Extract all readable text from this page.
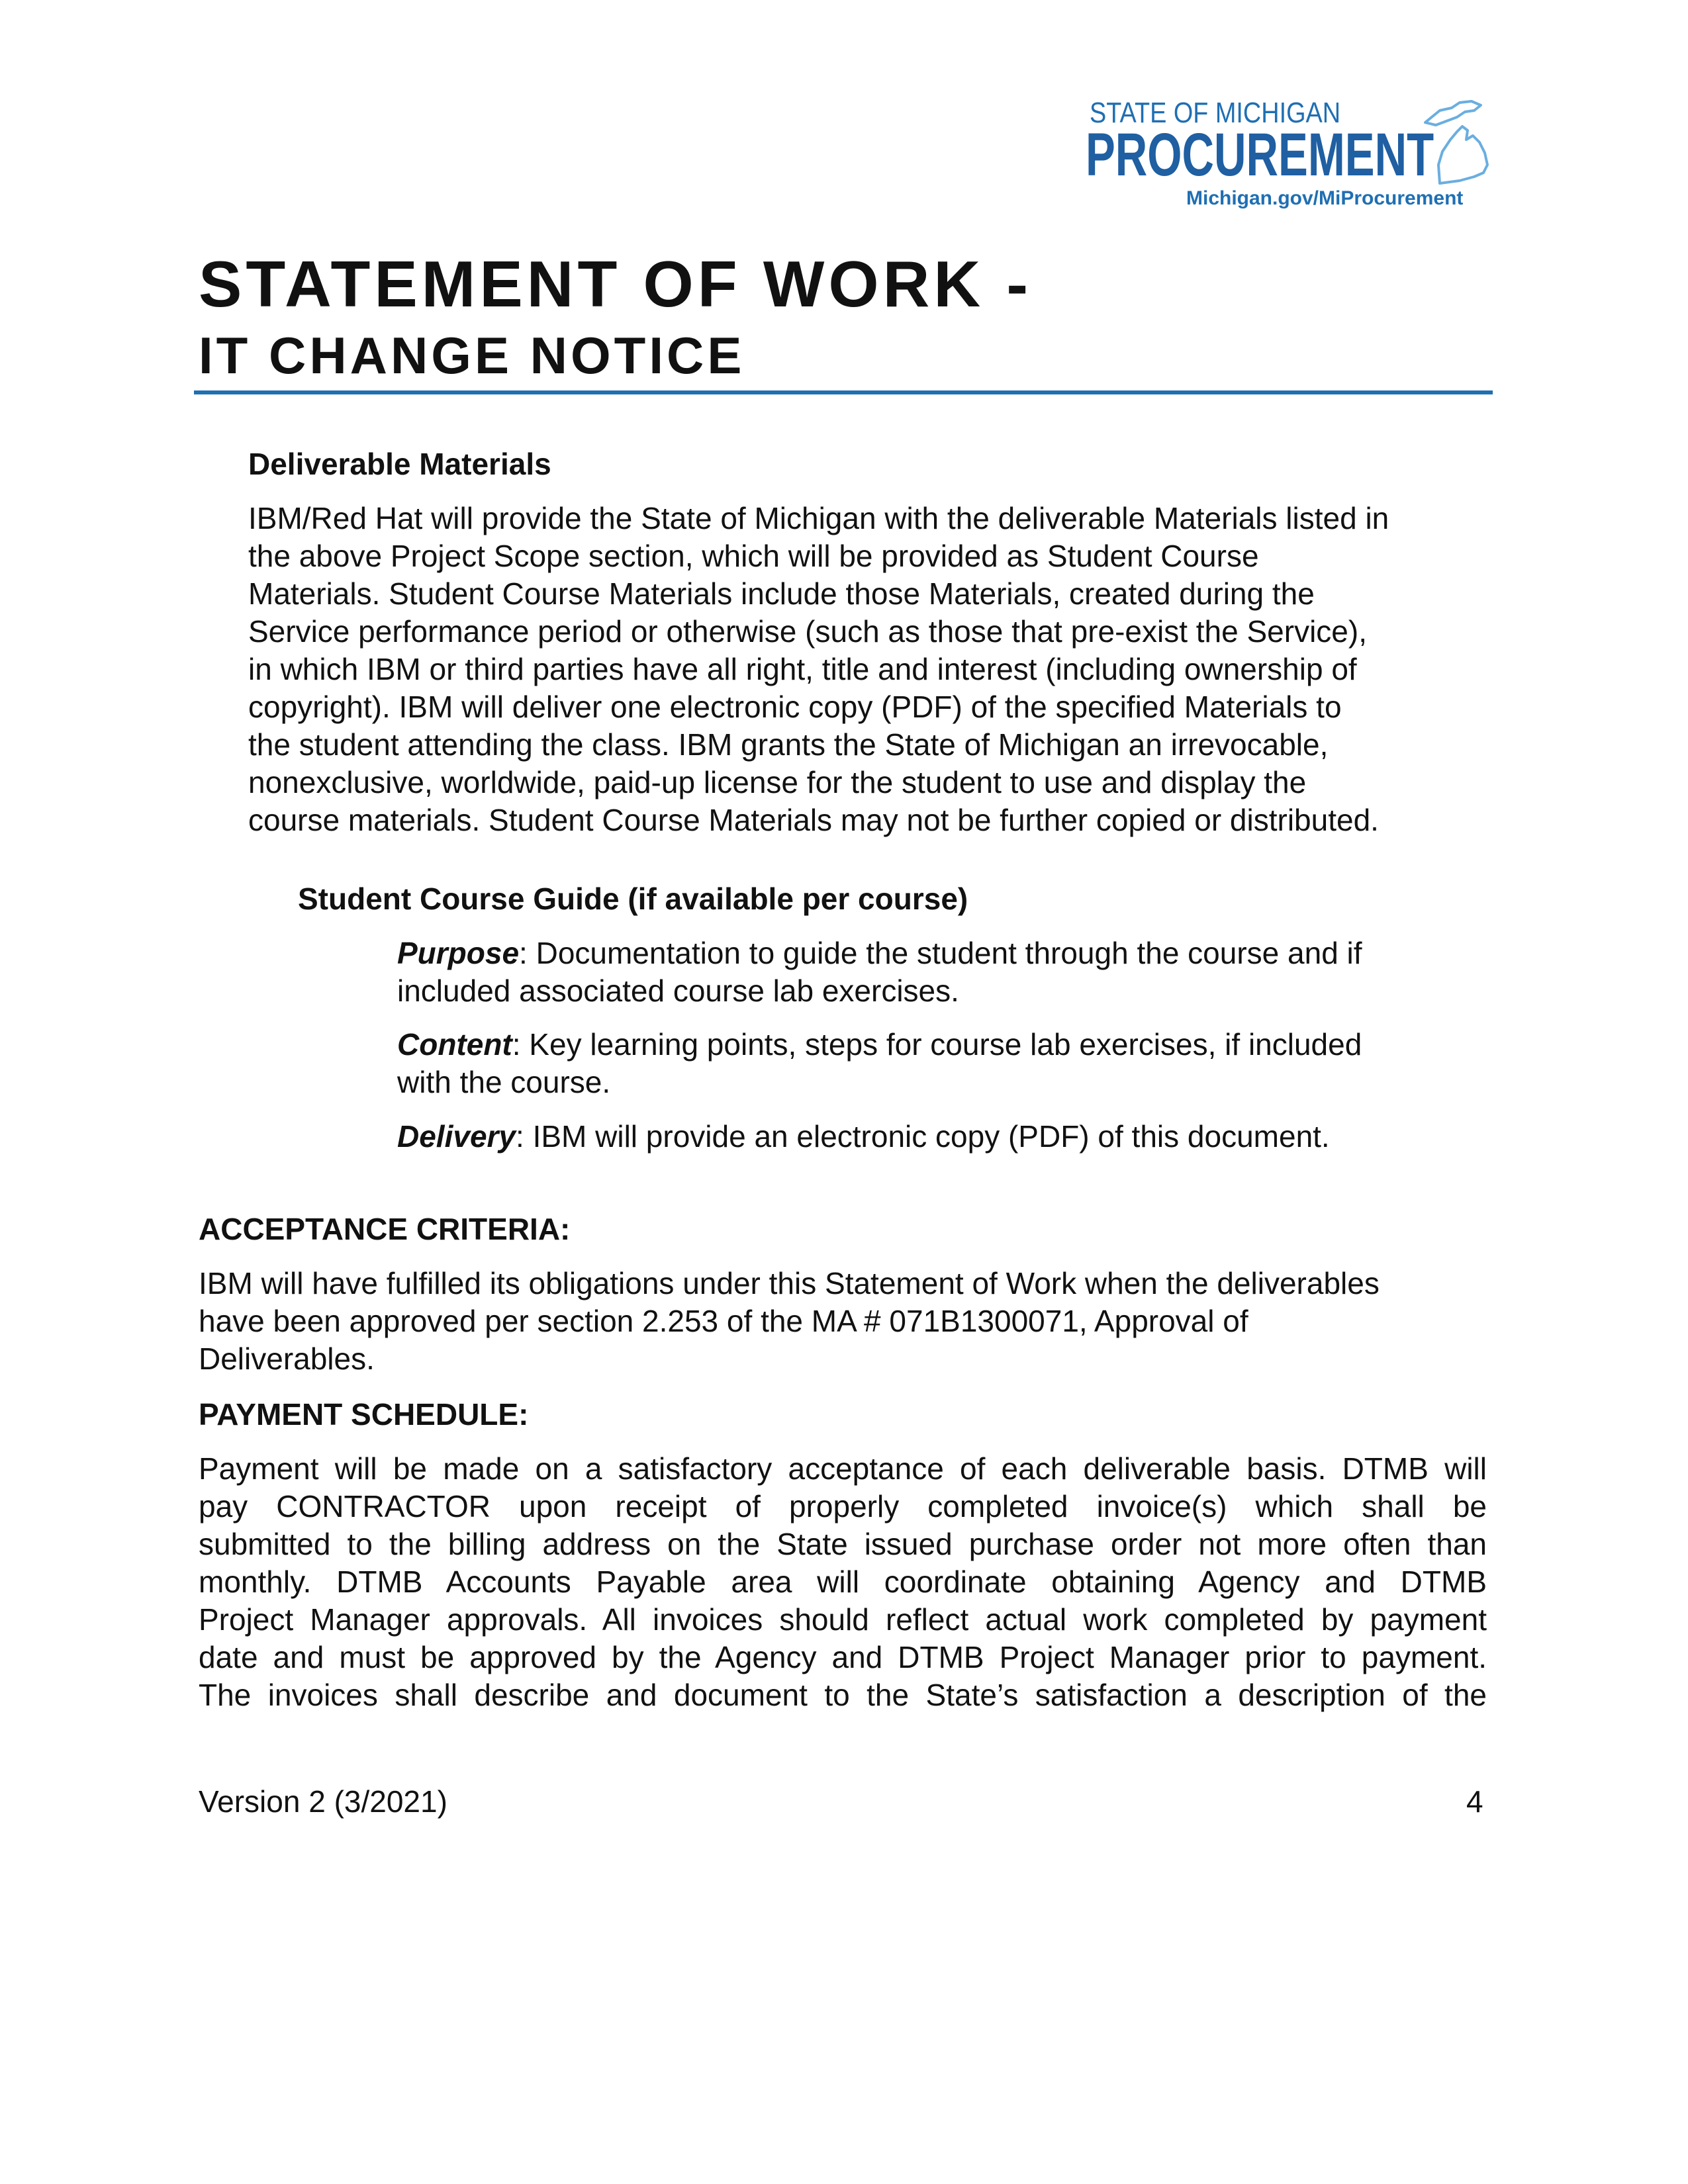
STATE OF MICHIGAN
PROCUREMENT
Michigan.gov/MiProcurement
STATEMENT OF WORK -
IT CHANGE NOTICE
Deliverable Materials
IBM/Red Hat will provide the State of Michigan with the deliverable Materials listed in
the above Project Scope section, which will be provided as Student Course
Materials. Student Course Materials include those Materials, created during the
Service performance period or otherwise (such as those that pre-exist the Service),
in which IBM or third parties have all right, title and interest (including ownership of
copyright). IBM will deliver one electronic copy (PDF) of the specified Materials to
the student attending the class. IBM grants the State of Michigan an irrevocable,
nonexclusive, worldwide, paid-up license for the student to use and display the
course materials. Student Course Materials may not be further copied or distributed.
Student Course Guide (if available per course)
Purpose: Documentation to guide the student through the course and if
included associated course lab exercises.
Content: Key learning points, steps for course lab exercises, if included
with the course.
Delivery: IBM will provide an electronic copy (PDF) of this document.
ACCEPTANCE CRITERIA:
IBM will have fulfilled its obligations under this Statement of Work when the deliverables
have been approved per section 2.253 of the MA # 071B1300071, Approval of
Deliverables.
PAYMENT SCHEDULE:
Payment will be made on a satisfactory acceptance of each deliverable basis. DTMB will
pay CONTRACTOR upon receipt of properly completed invoice(s) which shall be
submitted to the billing address on the State issued purchase order not more often than
monthly. DTMB Accounts Payable area will coordinate obtaining Agency and DTMB
Project Manager approvals. All invoices should reflect actual work completed by payment
date and must be approved by the Agency and DTMB Project Manager prior to payment.
The invoices shall describe and document to the State’s satisfaction a description of the
Version 2 (3/2021)	4
